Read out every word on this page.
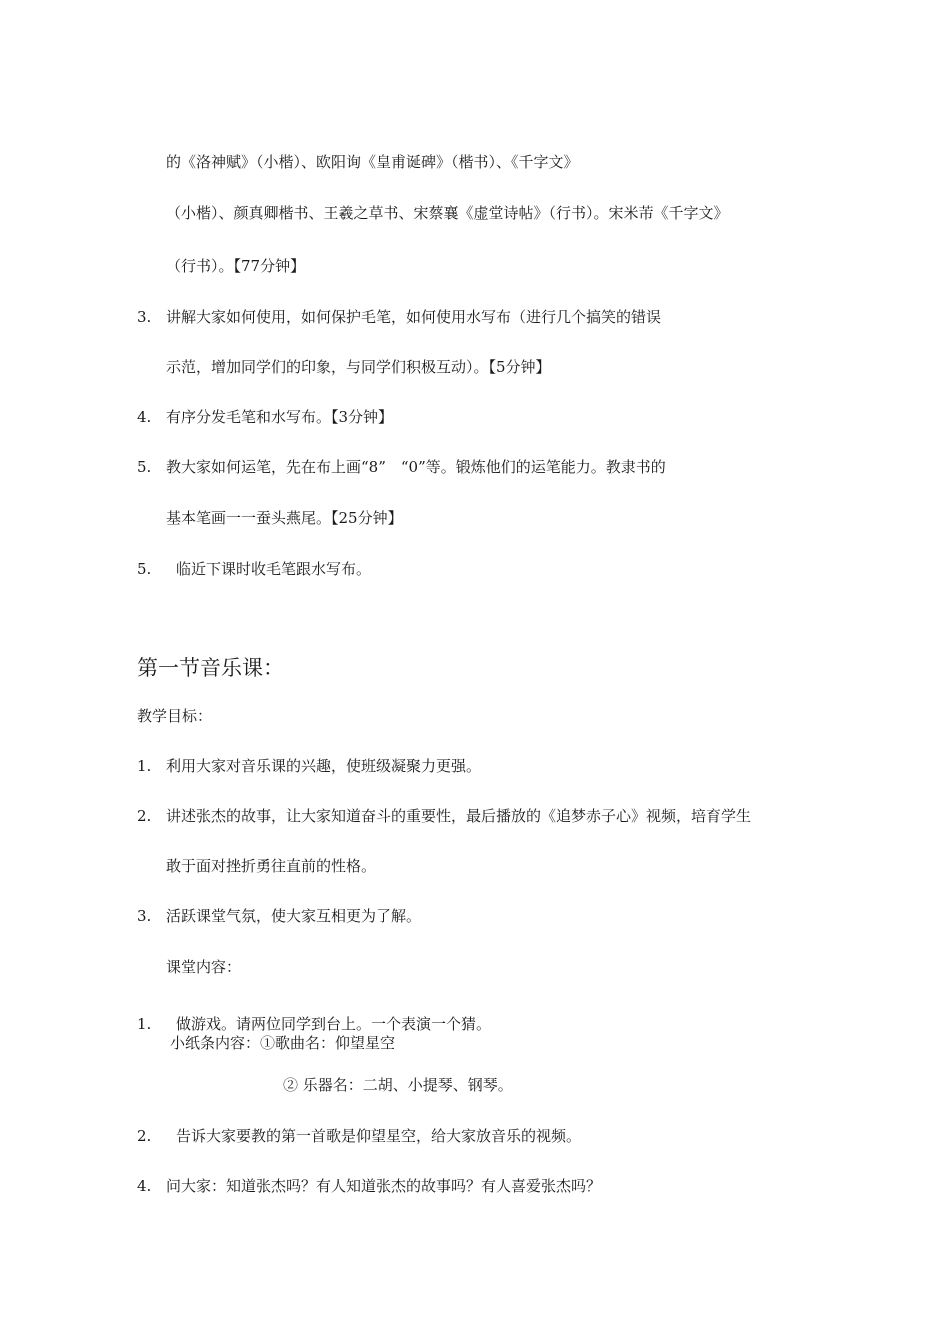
的《洛神赋》（小楷）、欧阳询《皇甫诞碑》（楷书）、《千字文》
（小楷）、颜真卿楷书、王羲之草书、宋蔡襄《虚堂诗帖》（行书）。宋米芾《千字文》
（行书）。【77分钟】
3. 讲解大家如何使用，如何保护毛笔，如何使用水写布（进行几个搞笑的错误
示范，增加同学们的印象，与同学们积极互动）。【5分钟】
4. 有序分发毛笔和水写布。【3分钟】
5. 教大家如何运笔，先在布上画“8”　“0”等。锻炼他们的运笔能力。教隶书的
基本笔画一一蚕头燕尾。【25分钟】
5. 临近下课时收毛笔跟水写布。
第一节音乐课：
教学目标：
1. 利用大家对音乐课的兴趣，使班级凝聚力更强。
2. 讲述张杰的故事，让大家知道奋斗的重要性，最后播放的《追梦赤子心》视频，培育学生
敢于面对挫折勇往直前的性格。
3. 活跃课堂气氛，使大家互相更为了解。
课堂内容：
1. 做游戏。请两位同学到台上。一个表演一个猜。
小纸条内容：①歌曲名：仰望星空
② 乐器名：二胡、小提琴、钢琴。
2. 告诉大家要教的第一首歌是仰望星空，给大家放音乐的视频。
4. 问大家：知道张杰吗？有人知道张杰的故事吗？有人喜爱张杰吗？
